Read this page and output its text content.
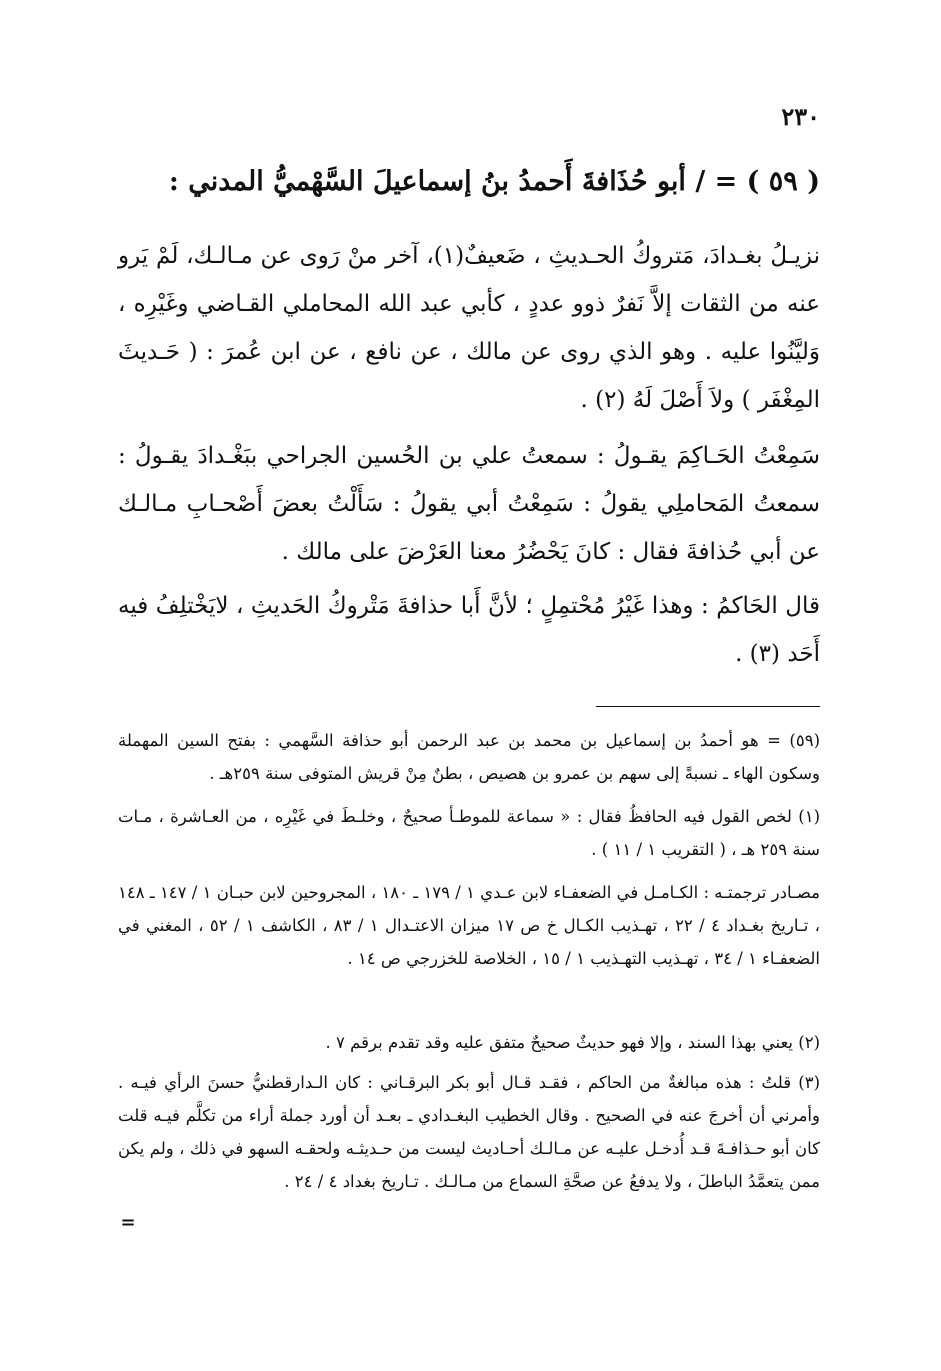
٢٣٠
( ٥٩ ) = / أبو حُذَافةَ أَحمدُ بنُ إسماعيلَ السَّهْميُّ المدني :
نزيـلُ بغـدادَ، مَتروكُ الحـديثِ ، ضَعيفٌ(١)، آخر منْ رَوى عن مـالـك، لَمْ يَرو عنه من الثقات إلاَّ نَفرٌ ذوو عددٍ ، كأبي عبد الله المحاملي القـاضي وغَيْرِه ، وَليَّنُوا عليه . وهو الذي روى عن مالك ، عن نافع ، عن ابن عُمرَ : ( حَـديثَ المِغْفَر ) ولاَ أَصْلَ لَهُ (٢) .
سَمِعْتُ الحَـاكِمَ يقـولُ : سمعتُ علي بن الحُسين الجراحي ببَغْـدادَ يقـولُ : سمعتُ المَحاملِي يقولُ : سَمِعْتُ أبي يقولُ : سَأَلْتُ بعضَ أَصْحـابِ مـالـك عن أبي حُذافةَ فقال : كانَ يَحْضُرُ معنا العَرْضَ على مالك .
قال الحَاكمُ : وهذا غَيْرُ مُحْتمِلٍ ؛ لأنَّ أَبا حذافةَ مَتْروكُ الحَديثِ ، لايَخْتلِفُ فيه أَحَد (٣) .
(٥٩) = هو أحمدُ بن إسماعيل بن محمد بن عبد الرحمن أبو حذافة السَّهمي : بفتح السين المهملة وسكون الهاء ـ نسبةً إلى سهم بن عمرو بن هصيص ، بطنٌ مِنْ قريش المتوفى سنة ٢٥٩هـ .
(١) لخص القول فيه الحافظُ فقال : « سماعة للموطـأ صحيحٌ ، وخلـطَ في غَيْرِه ، من العـاشرة ، مـات سنة ٢٥٩ هـ ، ( التقريب ١ / ١١ ) .
مصـادر ترجمتـه : الكـامـل في الضعفـاء لابن عـدي ١ / ١٧٩ ـ ١٨٠ ، المجروحين لابن حبـان ١ / ١٤٧ ـ ١٤٨ ، تـاريخ بغـداد ٤ / ٢٢ ، تهـذيب الكـال خ ص ١٧ ميزان الاعتـدال ١ / ٨٣ ، الكاشف ١ / ٥٢ ، المغني في الضعفـاء ١ / ٣٤ ، تهـذيب التهـذيب ١ / ١٥ ، الخلاصة للخزرجي ص ١٤ .
(٢) يعني بهذا السند ، وإلا فهو حديثٌ صحيحٌ متفق عليه وقد تقدم برقم ٧ .
(٣) قلتُ : هذه مبالغةٌ من الحاكم ، فقـد قـال أبو بكر البرقـاني : كان الـدارقطنيُّ حسنَ الرأي فيـه . وأمرني أن أخرجَ عنه في الصحيح . وقال الخطيب البغـدادي ـ بعـد أن أورد جملة أراء من تكلَّم فيـه قلت كان أبو حـذافـةَ قـد أُدخـل عليـه عن مـالـك أحـاديث ليست من حـديثـه ولحقـه السهو في ذلك ، ولم يكن ممن يتعمَّدُ الباطلَ ، ولا يدفعُ عن صحَّةِ السماع من مـالـك . تـاريخ بغداد ٤ / ٢٤ .
=
